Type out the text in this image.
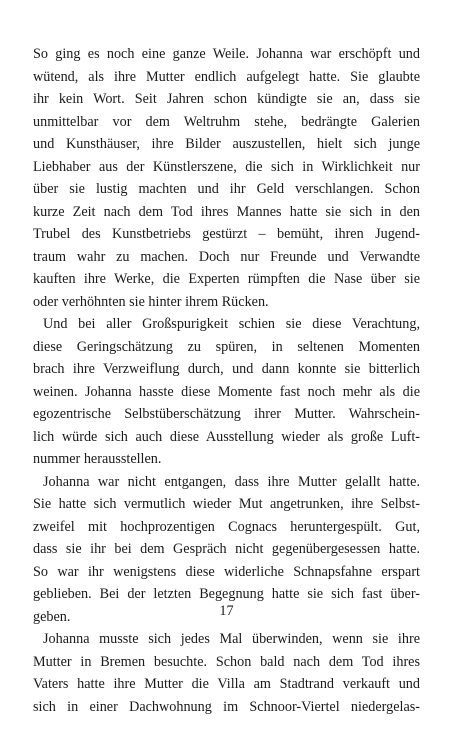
So ging es noch eine ganze Weile. Johanna war erschöpft und
wütend, als ihre Mutter endlich aufgelegt hatte. Sie glaubte
ihr kein Wort. Seit Jahren schon kündigte sie an, dass sie
unmittelbar vor dem Weltruhm stehe, bedrängte Galerien
und Kunsthäuser, ihre Bilder auszustellen, hielt sich junge
Liebhaber aus der Künstlerszene, die sich in Wirklichkeit nur
über sie lustig machten und ihr Geld verschlangen. Schon
kurze Zeit nach dem Tod ihres Mannes hatte sie sich in den
Trubel des Kunstbetriebs gestürzt – bemüht, ihren Jugend-
traum wahr zu machen. Doch nur Freunde und Verwandte
kauften ihre Werke, die Experten rümpften die Nase über sie
oder verhöhnten sie hinter ihrem Rücken.
Und bei aller Großspurigkeit schien sie diese Verachtung,
diese Geringschätzung zu spüren, in seltenen Momenten
brach ihre Verzweiflung durch, und dann konnte sie bitterlich
weinen. Johanna hasste diese Momente fast noch mehr als die
egozentrische Selbstüberschätzung ihrer Mutter. Wahrschein-
lich würde sich auch diese Ausstellung wieder als große Luft-
nummer herausstellen.
Johanna war nicht entgangen, dass ihre Mutter gelallt hatte.
Sie hatte sich vermutlich wieder Mut angetrunken, ihre Selbst-
zweifel mit hochprozentigen Cognacs heruntergespült. Gut,
dass sie ihr bei dem Gespräch nicht gegenübergesessen hatte.
So war ihr wenigstens diese widerliche Schnapsfahne erspart
geblieben. Bei der letzten Begegnung hatte sie sich fast über-
geben.
Johanna musste sich jedes Mal überwinden, wenn sie ihre
Mutter in Bremen besuchte. Schon bald nach dem Tod ihres
Vaters hatte ihre Mutter die Villa am Stadtrand verkauft und
sich in einer Dachwohnung im Schnoor-Viertel niedergelas-
17
